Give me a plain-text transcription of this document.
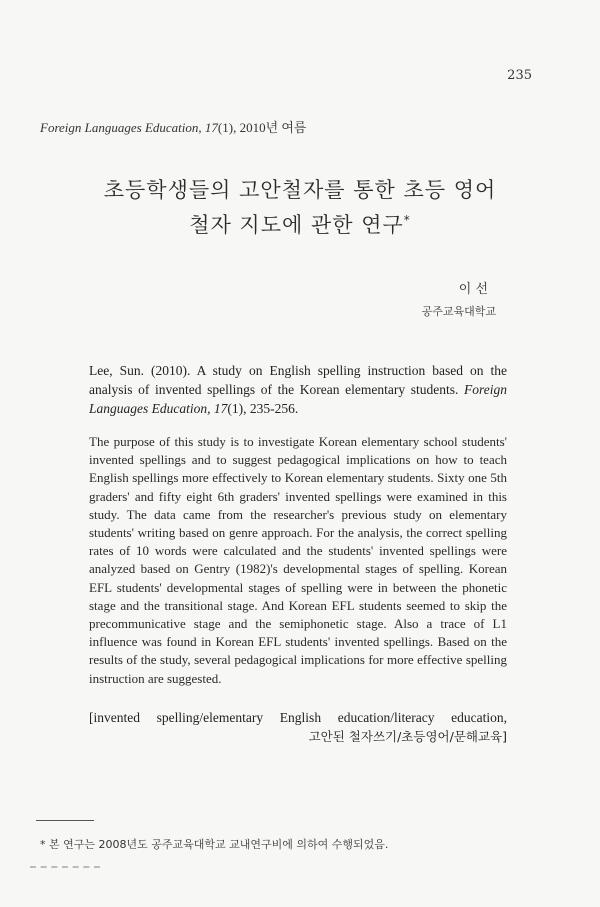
235
Foreign Languages Education, 17(1), 2010년 여름
초등학생들의 고안철자를 통한 초등 영어
철자 지도에 관한 연구*
이 선
공주교육대학교
Lee, Sun. (2010). A study on English spelling instruction based on the analysis of invented spellings of the Korean elementary students. Foreign Languages Education, 17(1), 235-256.
The purpose of this study is to investigate Korean elementary school students' invented spellings and to suggest pedagogical implications on how to teach English spellings more effectively to Korean elementary students. Sixty one 5th graders' and fifty eight 6th graders' invented spellings were examined in this study. The data came from the researcher's previous study on elementary students' writing based on genre approach. For the analysis, the correct spelling rates of 10 words were calculated and the students' invented spellings were analyzed based on Gentry (1982)'s developmental stages of spelling. Korean EFL students' developmental stages of spelling were in between the phonetic stage and the transitional stage. And Korean EFL students seemed to skip the precommunicative stage and the semiphonetic stage. Also a trace of L1 influence was found in Korean EFL students' invented spellings. Based on the results of the study, several pedagogical implications for more effective spelling instruction are suggested.
[invented spelling/elementary English education/literacy education,
고안된 철자쓰기/초등영어/문해교육]
* 본 연구는 2008년도 공주교육대학교 교내연구비에 의하여 수행되었음.
